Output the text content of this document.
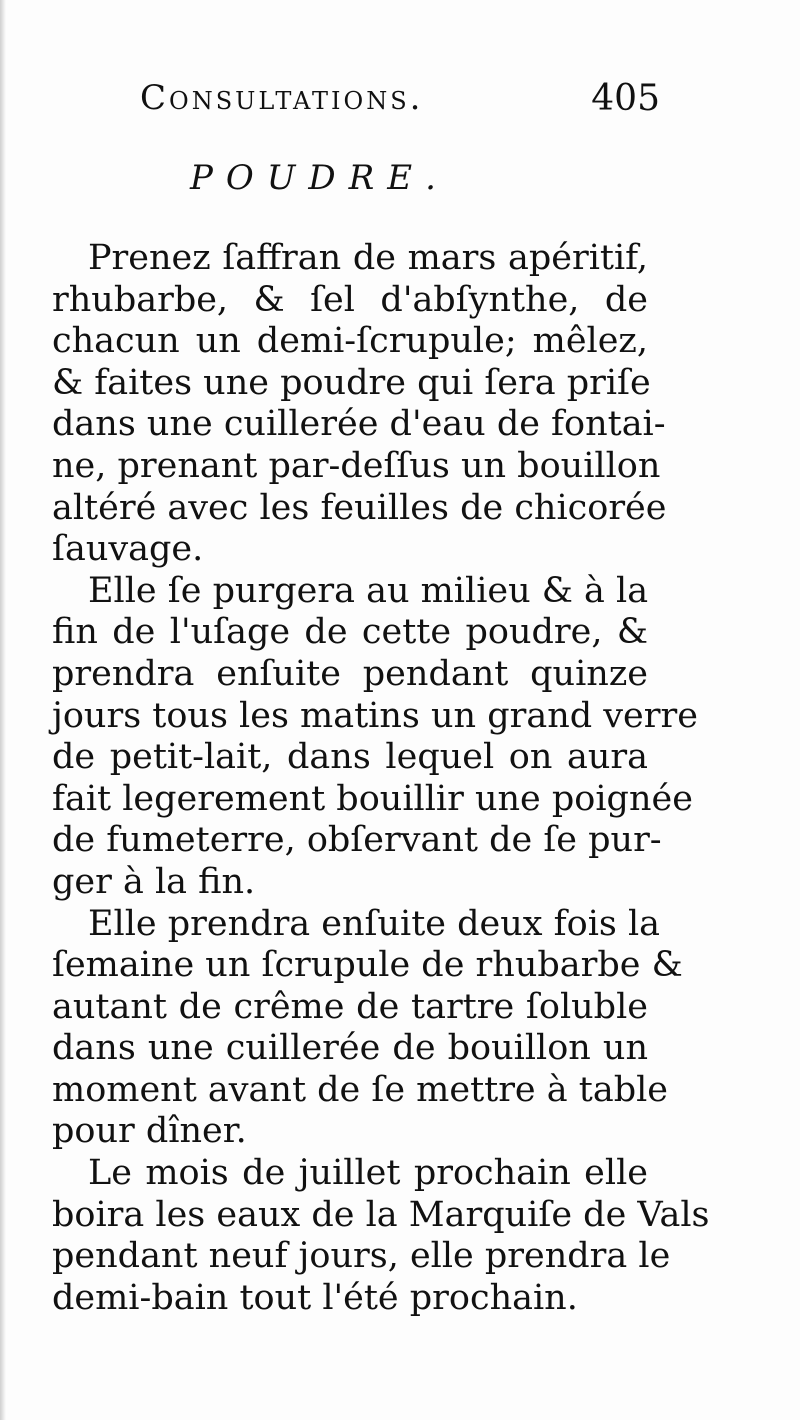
Consultations.	405
POUDRE.
Prenez ſaffran de mars apéritif,
rhubarbe, & ſel d'abſynthe, de
chacun un demi-ſcrupule; mêlez,
& faites une poudre qui ſera priſe
dans une cuillerée d'eau de fontai-
ne, prenant par-deſſus un bouillon
altéré avec les feuilles de chicorée
ſauvage.
Elle ſe purgera au milieu & à la
fin de l'uſage de cette poudre, &
prendra enſuite pendant quinze
jours tous les matins un grand verre
de petit-lait, dans lequel on aura
fait legerement bouillir une poignée
de fumeterre, obſervant de ſe pur-
ger à la fin.
Elle prendra enſuite deux fois la
ſemaine un ſcrupule de rhubarbe &
autant de crême de tartre ſoluble
dans une cuillerée de bouillon un
moment avant de ſe mettre à table
pour dîner.
Le mois de juillet prochain elle
boira les eaux de la Marquiſe de Vals
pendant neuf jours, elle prendra le
demi-bain tout l'été prochain.
